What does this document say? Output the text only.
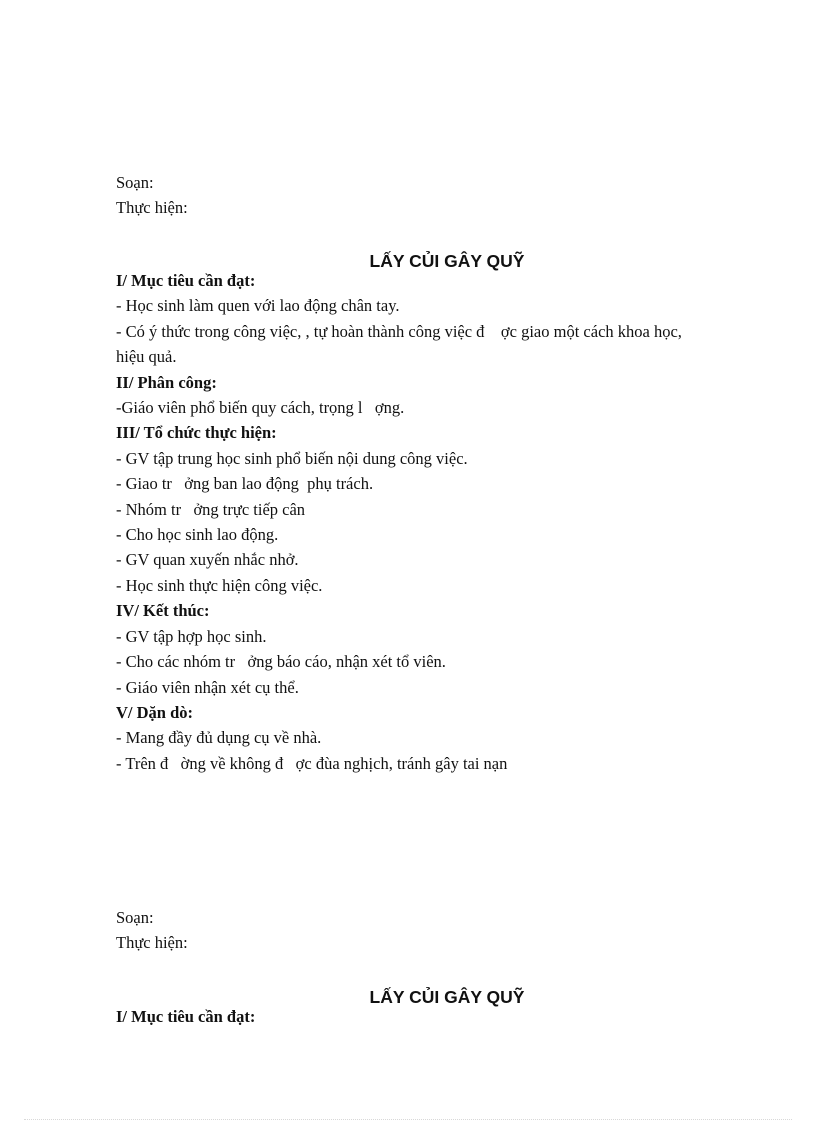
Soạn:

Thực hiện:

LẤY CỦI GÂY QUỸ

I/ Mục tiêu cần đạt:

- Học sinh làm quen với lao động chân tay.

- Có ý thức trong công việc, , tự hoàn thành công việc đ    ợc giao một cách khoa học,

hiệu quả.

II/ Phân công:

-Giáo viên phổ biến quy cách, trọng l   ợng.

III/ Tổ chức thực hiện:

- GV tập trung học sinh phổ biến nội dung công việc.

- Giao tr   ởng ban lao động  phụ trách.

- Nhóm tr   ởng trực tiếp cân

- Cho học sinh lao động.

- GV quan xuyến nhắc nhở.

- Học sinh thực hiện công việc.

IV/ Kết thúc:

- GV tập hợp học sinh.

- Cho các nhóm tr   ởng báo cáo, nhận xét tổ viên.

- Giáo viên nhận xét cụ thể.

V/ Dặn dò:

- Mang đầy đủ dụng cụ về nhà.

- Trên đ   ờng về không đ   ợc đùa nghịch, tránh gây tai nạn

Soạn:

Thực hiện:

LẤY CỦI GÂY QUỸ

I/ Mục tiêu cần đạt:
